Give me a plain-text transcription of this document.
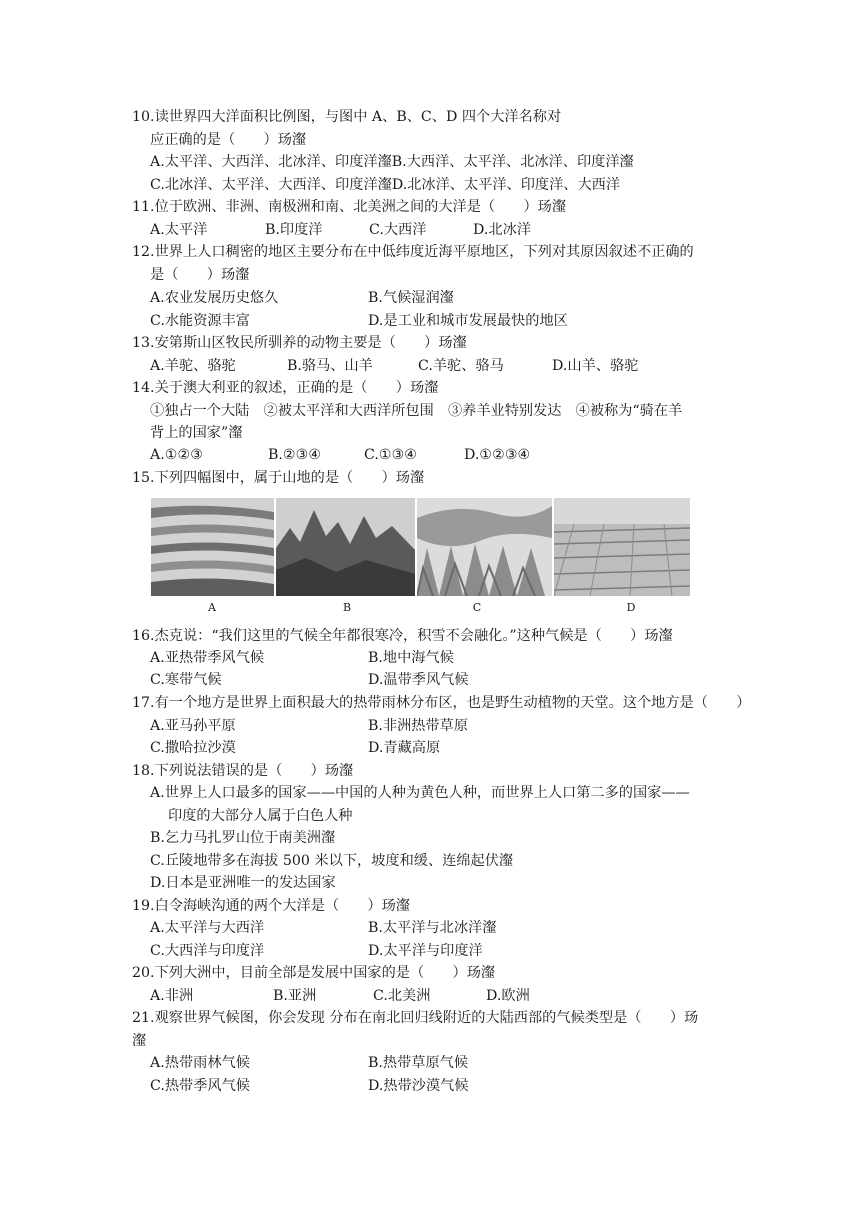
10.读世界四大洋面积比例图，与图中 A、B、C、D 四个大洋名称对
应正确的是（　　）玚瀣
A.太平洋、大西洋、北冰洋、印度洋瀣B.大西洋、太平洋、北冰洋、印度洋瀣
C.北冰洋、太平洋、大西洋、印度洋瀣D.北冰洋、太平洋、印度洋、大西洋
11.位于欧洲、非洲、南极洲和南、北美洲之间的大洋是（　　）玚瀣
A.太平洋	B.印度洋	C.大西洋	D.北冰洋
12.世界上人口稠密的地区主要分布在中低纬度近海平原地区，下列对其原因叙述不正确的
是（　　）玚瀣
A.农业发展历史悠久	B.气候湿润瀣
C.水能资源丰富	D.是工业和城市发展最快的地区
13.安第斯山区牧民所驯养的动物主要是（　　）玚瀣
A.羊驼、骆驼	B.骆马、山羊	C.羊驼、骆马	D.山羊、骆驼
14.关于澳大利亚的叙述，正确的是（　　）玚瀣
①独占一个大陆　②被太平洋和大西洋所包围　③养羊业特别发达　④被称为“骑在羊
背上的国家”瀣
A.①②③	B.②③④	C.①③④	D.①②③④
15.下列四幅图中，属于山地的是（　　）玚瀣
A	B	C	D
16.杰克说：“我们这里的气候全年都很寒冷，积雪不会融化。”这种气候是（　　）玚瀣
A.亚热带季风气候	B.地中海气候
C.寒带气候	D.温带季风气候
17.有一个地方是世界上面积最大的热带雨林分布区，也是野生动植物的天堂。这个地方是（　　）
A.亚马孙平原	B.非洲热带草原
C.撒哈拉沙漠	D.青藏高原
18.下列说法错误的是（　　）玚瀣
A.世界上人口最多的国家——中国的人种为黄色人种，而世界上人口第二多的国家——
印度的大部分人属于白色人种
B.乞力马扎罗山位于南美洲瀣
C.丘陵地带多在海拔 500 米以下，坡度和缓、连绵起伏瀣
D.日本是亚洲唯一的发达国家
19.白令海峡沟通的两个大洋是（　　）玚瀣
A.太平洋与大西洋	B.太平洋与北冰洋瀣
C.大西洋与印度洋	D.太平洋与印度洋
20.下列大洲中，目前全部是发展中国家的是（　　）玚瀣
A.非洲	B.亚洲	C.北美洲	D.欧洲
21.观察世界气候图，你会发现 分布在南北回归线附近的大陆西部的气候类型是（　　）玚
瀣
A.热带雨林气候	B.热带草原气候
C.热带季风气候	D.热带沙漠气候
